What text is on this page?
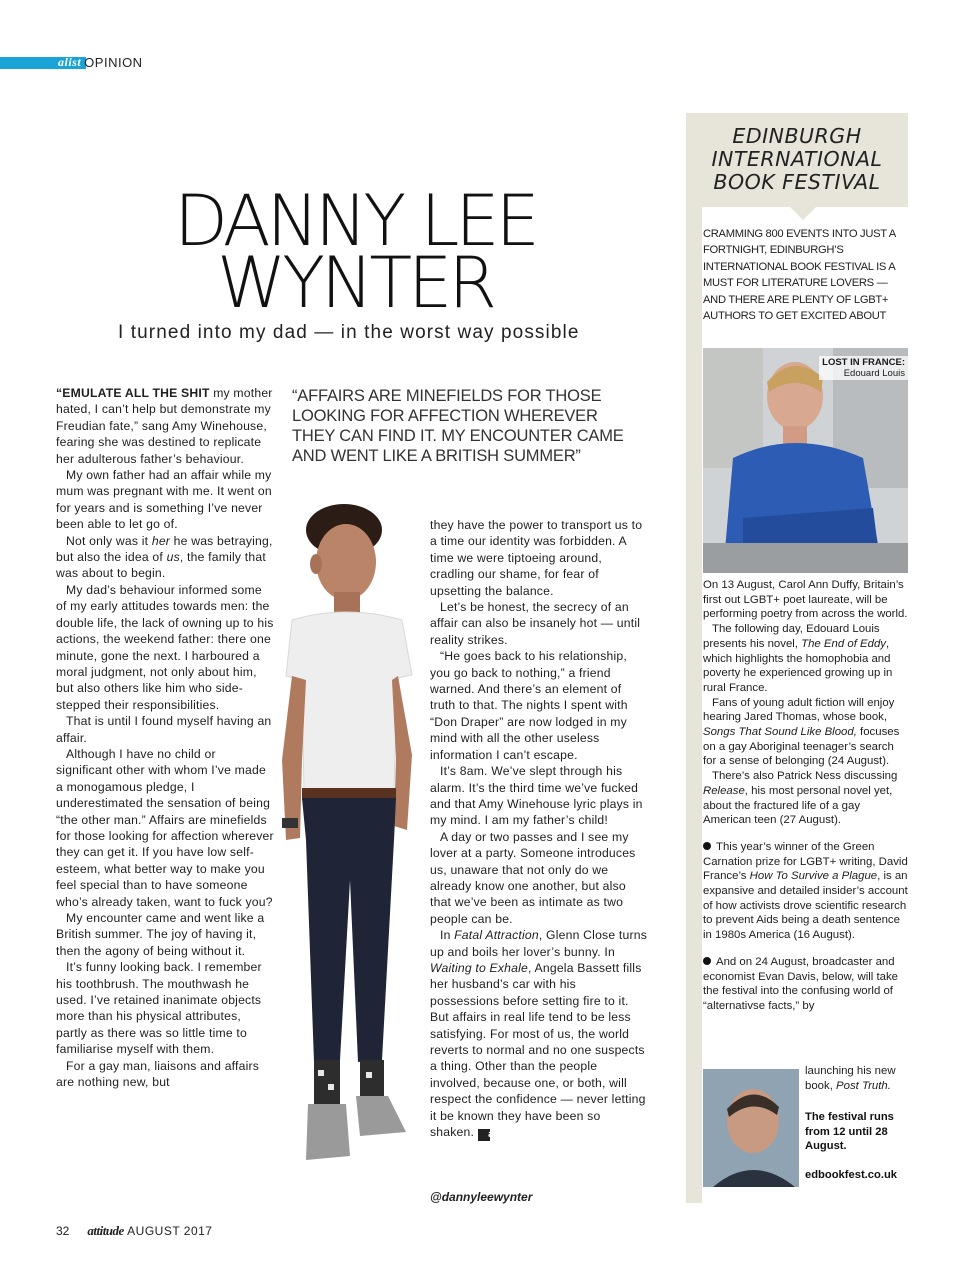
alist OPINION
DANNY LEE
WYNTER
I turned into my dad — in the worst way possible
“AFFAIRS ARE MINEFIELDS FOR THOSE LOOKING FOR AFFECTION WHEREVER THEY CAN FIND IT. MY ENCOUNTER CAME AND WENT LIKE A BRITISH SUMMER”

“EMULATE ALL THE SHIT my mother hated, I can’t help but demonstrate my Freudian fate,” sang Amy Winehouse, fearing she was destined to replicate her adulterous father’s behaviour.

My own father had an affair while my mum was pregnant with me. It went on for years and is something I’ve never been able to let go of.

Not only was it her he was betraying, but also the idea of us, the family that was about to begin.

My dad’s behaviour informed some of my early attitudes towards men: the double life, the lack of owning up to his actions, the weekend father: there one minute, gone the next. I harboured a moral judgment, not only about him, but also others like him who side-stepped their responsibilities.

That is until I found myself having an affair.

Although I have no child or significant other with whom I’ve made a monogamous pledge, I underestimated the sensation of being “the other man.” Affairs are minefields for those looking for affection wherever they can get it. If you have low self-esteem, what better way to make you feel special than to have someone who’s already taken, want to fuck you?

My encounter came and went like a British summer. The joy of having it, then the agony of being without it.

It’s funny looking back. I remember his toothbrush. The mouthwash he used. I’ve retained inanimate objects more than his physical attributes, partly as there was so little time to familiarise myself with them.

For a gay man, liaisons and affairs are nothing new, but

they have the power to transport us to a time our identity was forbidden. A time we were tiptoeing around, cradling our shame, for fear of upsetting the balance.

Let’s be honest, the secrecy of an affair can also be insanely hot — until reality strikes.

“He goes back to his relationship, you go back to nothing,” a friend warned. And there’s an element of truth to that. The nights I spent with “Don Draper” are now lodged in my mind with all the other useless information I can’t escape.

It’s 8am. We’ve slept through his alarm. It’s the third time we’ve fucked and that Amy Winehouse lyric plays in my mind. I am my father’s child!

A day or two passes and I see my lover at a party. Someone introduces us, unaware that not only do we already know one another, but also that we’ve been as intimate as two people can be.

In Fatal Attraction, Glenn Close turns up and boils her lover’s bunny. In Waiting to Exhale, Angela Bassett fills her husband’s car with his possessions before setting fire to it. But affairs in real life tend to be less satisfying. For most of us, the world reverts to normal and no one suspects a thing. Other than the people involved, because one, or both, will respect the confidence — never letting it be known they have been so shaken. a

@dannyleewynter
EDINBURGH INTERNATIONAL BOOK FESTIVAL
CRAMMING 800 EVENTS INTO JUST A FORTNIGHT, EDINBURGH’S INTERNATIONAL BOOK FESTIVAL IS A MUST FOR LITERATURE LOVERS — AND THERE ARE PLENTY OF LGBT+ AUTHORS TO GET EXCITED ABOUT
LOST IN FRANCE:
Edouard Louis

On 13 August, Carol Ann Duffy, Britain’s first out LGBT+ poet laureate, will be performing poetry from across the world.

The following day, Edouard Louis presents his novel, The End of Eddy, which highlights the homophobia and poverty he experienced growing up in rural France.

Fans of young adult fiction will enjoy hearing Jared Thomas, whose book, Songs That Sound Like Blood, focuses on a gay Aboriginal teenager’s search for a sense of belonging (24 August).

There’s also Patrick Ness discussing Release, his most personal novel yet, about the fractured life of a gay American teen (27 August).

This year’s winner of the Green Carnation prize for LGBT+ writing, David France’s How To Survive a Plague, is an expansive and detailed insider’s account of how activists drove scientific research to prevent Aids being a death sentence in 1980s America (16 August).

And on 24 August, broadcaster and economist Evan Davis, below, will take the festival into the confusing world of “alternativse facts,” by

launching his new book, Post Truth.
The festival runs from 12 until 28 August.
edbookfest.co.uk
32 attitude AUGUST 2017
